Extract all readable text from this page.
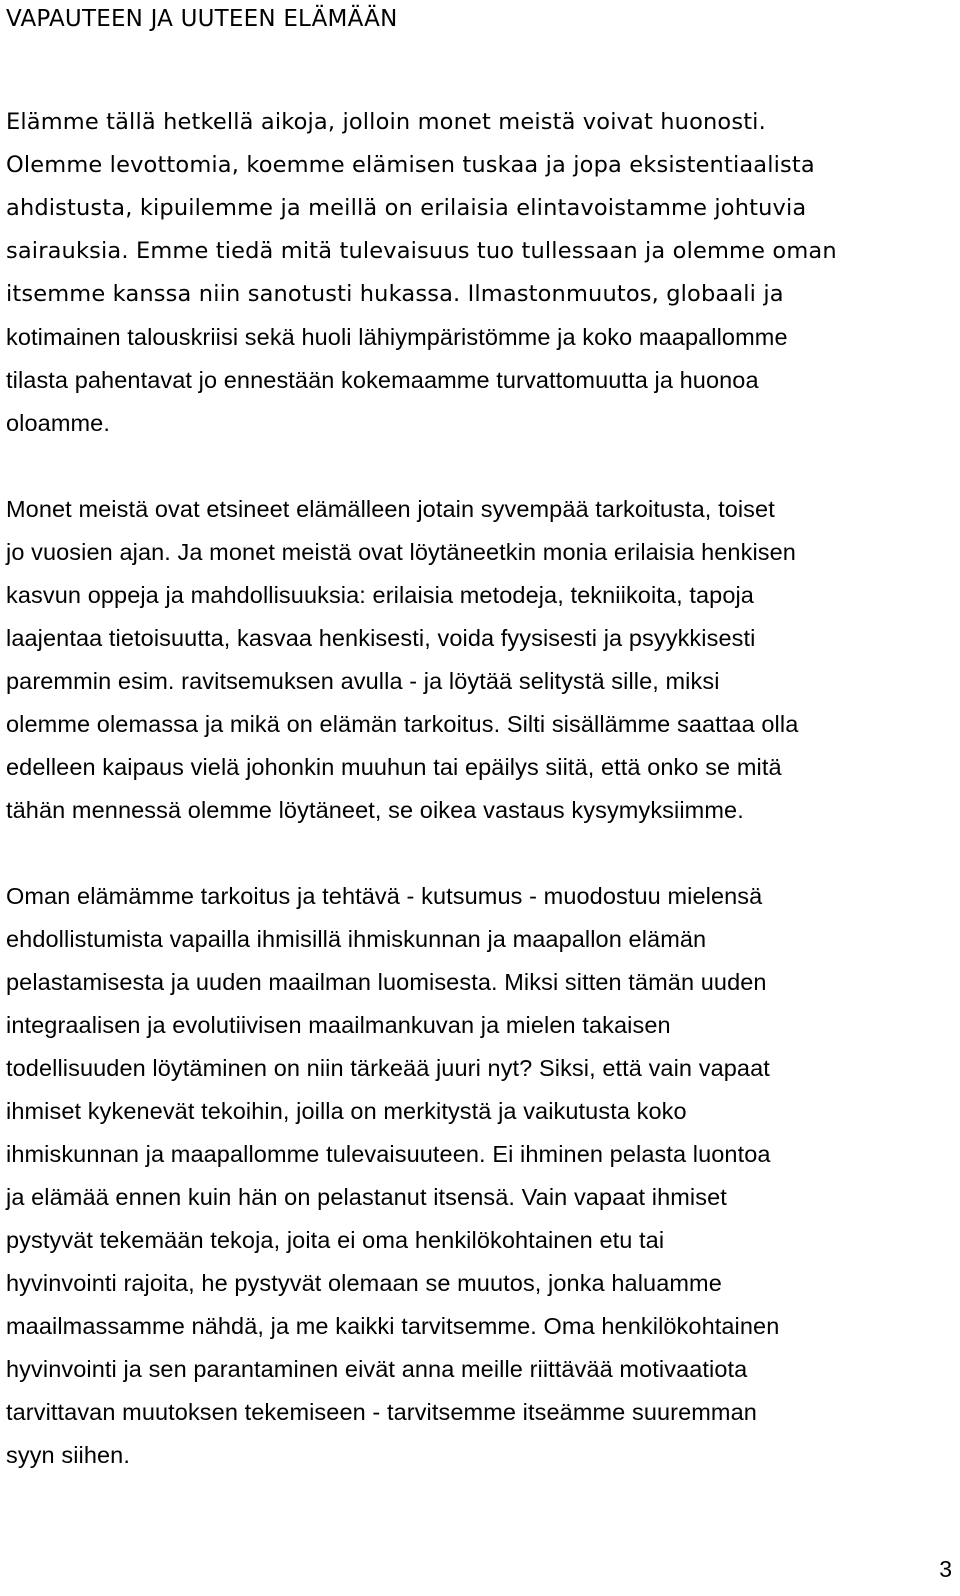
VAPAUTEEN JA UUTEEN ELÄMÄÄN
Elämme tällä hetkellä aikoja, jolloin monet meistä voivat huonosti.
Olemme levottomia, koemme elämisen tuskaa ja jopa eksistentiaalista
ahdistusta, kipuilemme ja meillä on erilaisia elintavoistamme johtuvia
sairauksia. Emme tiedä mitä tulevaisuus tuo tullessaan ja olemme oman
itsemme kanssa niin sanotusti hukassa. Ilmastonmuutos, globaali ja
kotimainen talouskriisi sekä huoli lähiympäristömme ja koko maapallomme
tilasta pahentavat jo ennestään kokemaamme turvattomuutta ja huonoa
oloamme.
Monet meistä ovat etsineet elämälleen jotain syvempää tarkoitusta, toiset
jo vuosien ajan. Ja monet meistä ovat löytäneetkin monia erilaisia henkisen
kasvun oppeja ja mahdollisuuksia: erilaisia metodeja, tekniikoita, tapoja
laajentaa tietoisuutta, kasvaa henkisesti, voida fyysisesti ja psyykkisesti
paremmin esim. ravitsemuksen avulla - ja löytää selitystä sille, miksi
olemme olemassa ja mikä on elämän tarkoitus. Silti sisällämme saattaa olla
edelleen kaipaus vielä johonkin muuhun tai epäilys siitä, että onko se mitä
tähän mennessä olemme löytäneet, se oikea vastaus kysymyksiimme.
Oman elämämme tarkoitus ja tehtävä - kutsumus - muodostuu mielensä
ehdollistumista vapailla ihmisillä ihmiskunnan ja maapallon elämän
pelastamisesta ja uuden maailman luomisesta. Miksi sitten tämän uuden
integraalisen ja evolutiivisen maailmankuvan ja mielen takaisen
todellisuuden löytäminen on niin tärkeää juuri nyt? Siksi, että vain vapaat
ihmiset kykenevät tekoihin, joilla on merkitystä ja vaikutusta koko
ihmiskunnan ja maapallomme tulevaisuuteen. Ei ihminen pelasta luontoa
ja elämää ennen kuin hän on pelastanut itsensä. Vain vapaat ihmiset
pystyvät tekemään tekoja, joita ei oma henkilökohtainen etu tai
hyvinvointi rajoita, he pystyvät olemaan se muutos, jonka haluamme
maailmassamme nähdä, ja me kaikki tarvitsemme. Oma henkilökohtainen
hyvinvointi ja sen parantaminen eivät anna meille riittävää motivaatiota
tarvittavan muutoksen tekemiseen - tarvitsemme itseämme suuremman
syyn siihen.
3
